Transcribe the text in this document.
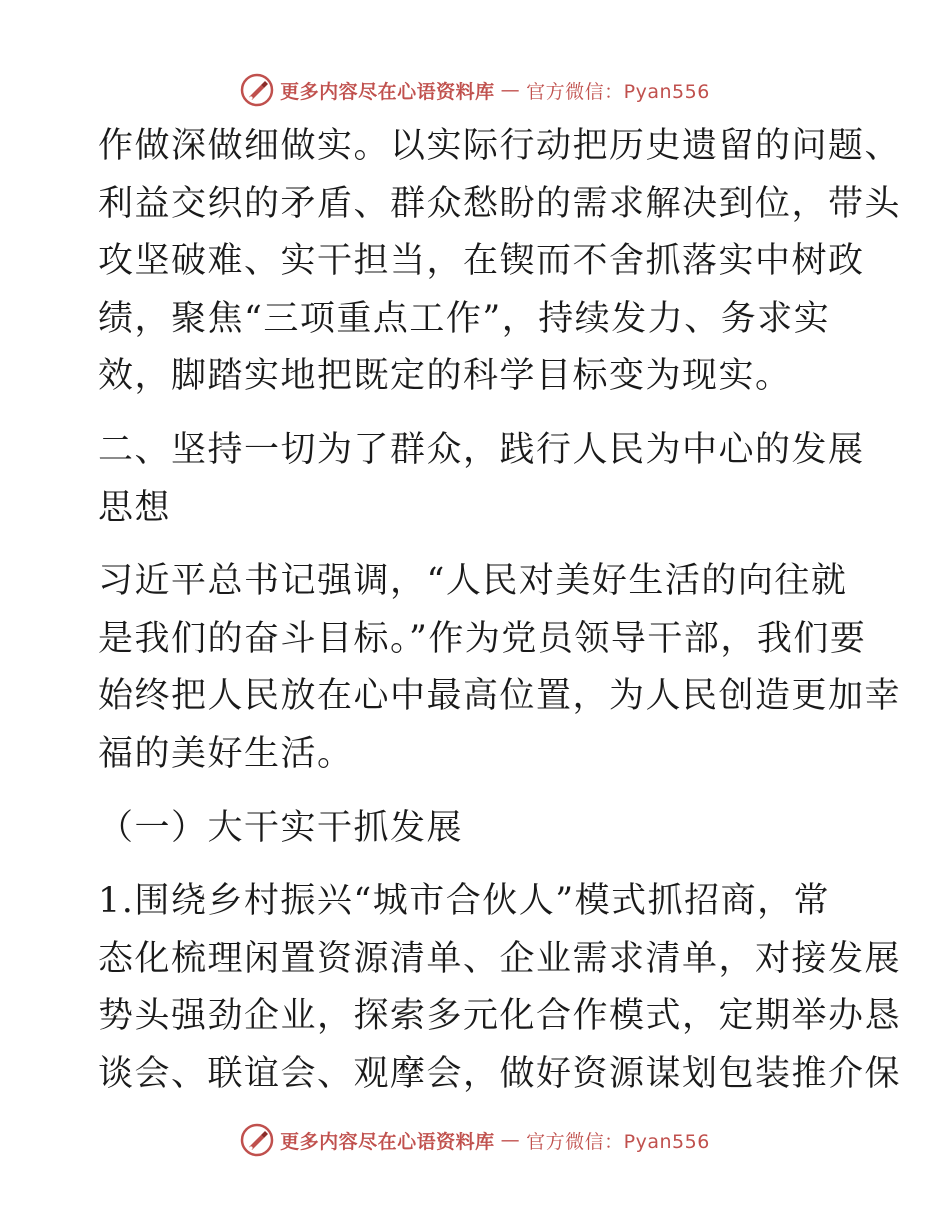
更多内容尽在心语资料库 — 官方微信：Pyan556
作做深做细做实。以实际行动把历史遗留的问题、
利益交织的矛盾、群众愁盼的需求解决到位，带头
攻坚破难、实干担当，在锲而不舍抓落实中树政
绩，聚焦“三项重点工作”，持续发力、务求实
效，脚踏实地把既定的科学目标变为现实。
二、坚持一切为了群众，践行人民为中心的发展
思想
习近平总书记强调，“人民对美好生活的向往就
是我们的奋斗目标。”作为党员领导干部，我们要
始终把人民放在心中最高位置，为人民创造更加幸
福的美好生活。
（一）大干实干抓发展
1.围绕乡村振兴“城市合伙人”模式抓招商，常
态化梳理闲置资源清单、企业需求清单，对接发展
势头强劲企业，探索多元化合作模式，定期举办恳
谈会、联谊会、观摩会，做好资源谋划包装推介保
更多内容尽在心语资料库 — 官方微信：Pyan556
